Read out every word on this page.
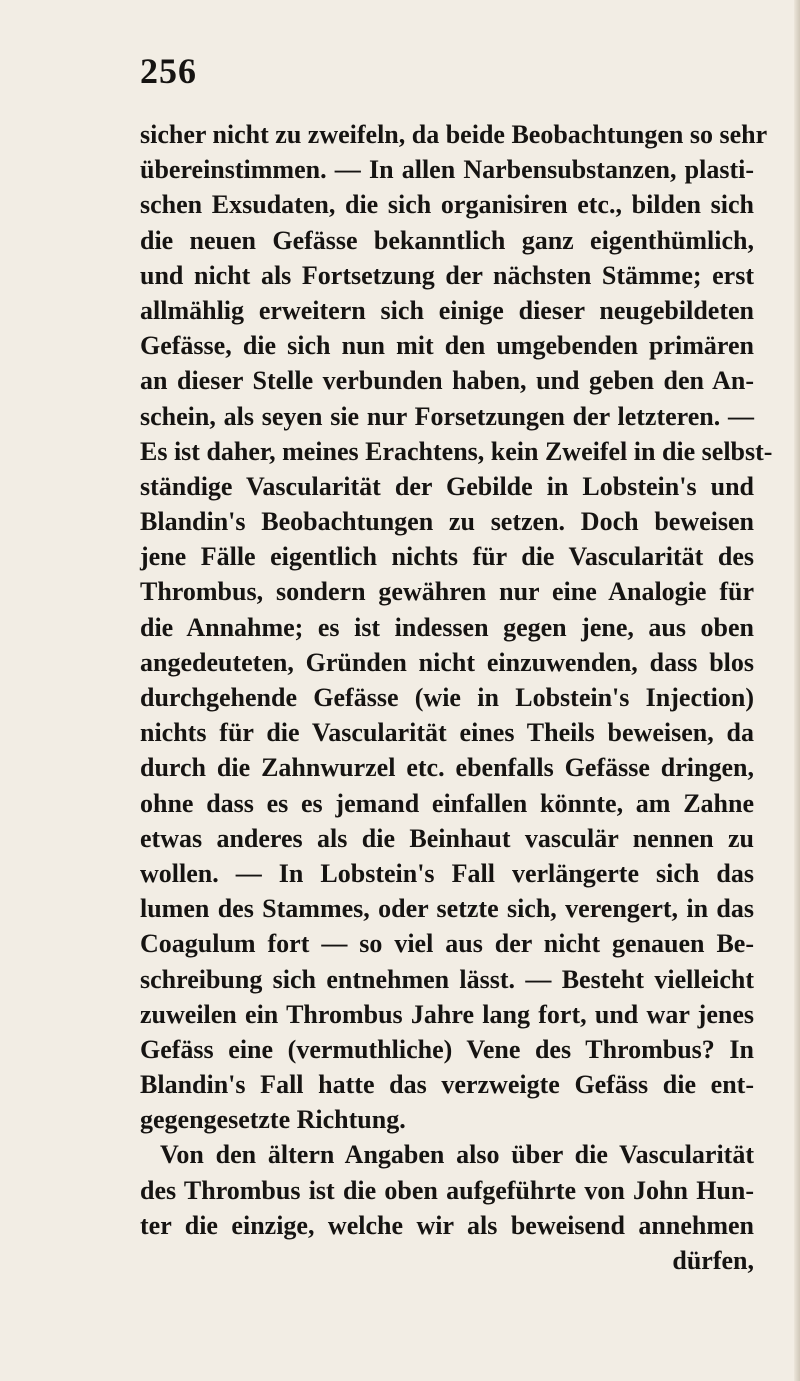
256
sicher nicht zu zweifeln, da beide Beobachtungen so sehr
übereinstimmen. — In allen Narbensubstanzen, plasti-
schen Exsudaten, die sich organisiren etc., bilden sich
die neuen Gefässe bekanntlich ganz eigenthümlich,
und nicht als Fortsetzung der nächsten Stämme; erst
allmählig erweitern sich einige dieser neugebildeten
Gefässe, die sich nun mit den umgebenden primären
an dieser Stelle verbunden haben, und geben den An-
schein, als seyen sie nur Forsetzungen der letzteren. —
Es ist daher, meines Erachtens, kein Zweifel in die selbst-
ständige Vascularität der Gebilde in Lobstein's und
Blandin's Beobachtungen zu setzen. Doch beweisen
jene Fälle eigentlich nichts für die Vascularität des
Thrombus, sondern gewähren nur eine Analogie für
die Annahme; es ist indessen gegen jene, aus oben
angedeuteten, Gründen nicht einzuwenden, dass blos
durchgehende Gefässe (wie in Lobstein's Injection)
nichts für die Vascularität eines Theils beweisen, da
durch die Zahnwurzel etc. ebenfalls Gefässe dringen,
ohne dass es es jemand einfallen könnte, am Zahne
etwas anderes als die Beinhaut vasculär nennen zu
wollen. — In Lobstein's Fall verlängerte sich das
lumen des Stammes, oder setzte sich, verengert, in das
Coagulum fort — so viel aus der nicht genauen Be-
schreibung sich entnehmen lässt. — Besteht vielleicht
zuweilen ein Thrombus Jahre lang fort, und war jenes
Gefäss eine (vermuthliche) Vene des Thrombus? In
Blandin's Fall hatte das verzweigte Gefäss die ent-
gegengesetzte Richtung.
Von den ältern Angaben also über die Vascularität
des Thrombus ist die oben aufgeführte von John Hun-
ter die einzige, welche wir als beweisend annehmen
dürfen,
